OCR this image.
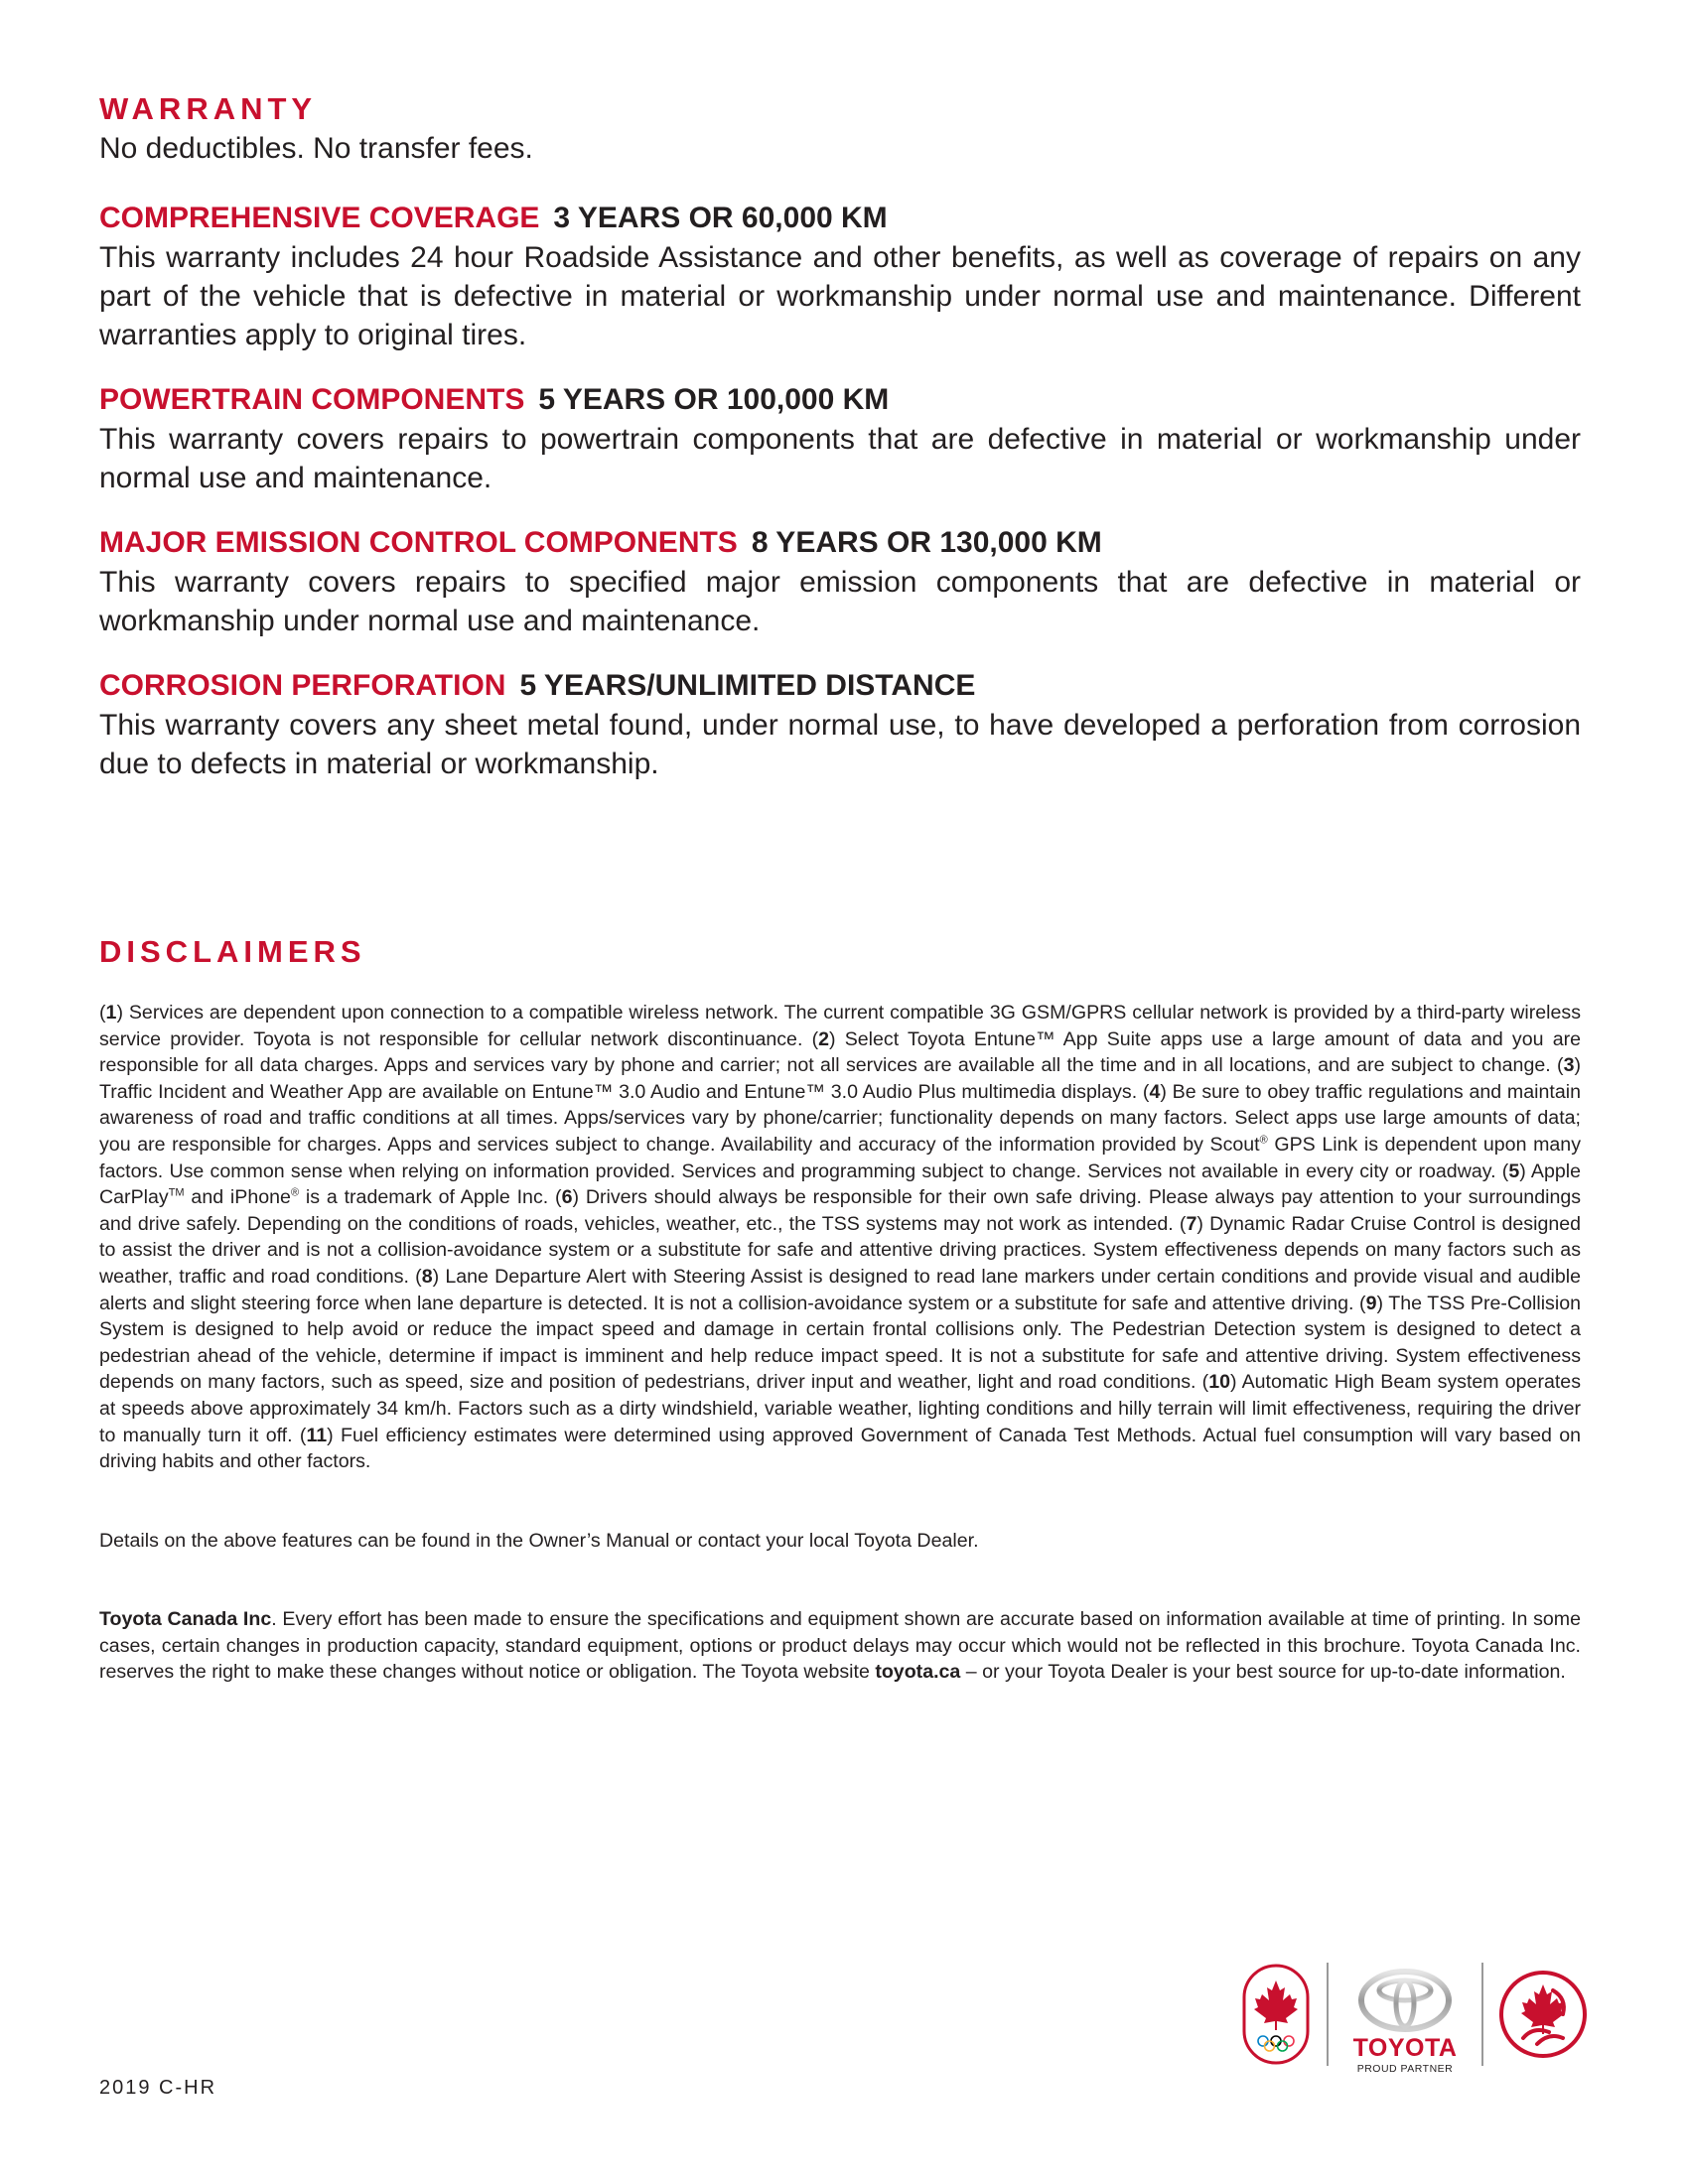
WARRANTY

No deductibles. No transfer fees.

COMPREHENSIVE COVERAGE 3 YEARS OR 60,000 KM

This warranty includes 24 hour Roadside Assistance and other benefits, as well as coverage of repairs on any part of the vehicle that is defective in material or workmanship under normal use and maintenance. Different warranties apply to original tires.

POWERTRAIN COMPONENTS 5 YEARS OR 100,000 KM

This warranty covers repairs to powertrain components that are defective in material or workmanship under normal use and maintenance.

MAJOR EMISSION CONTROL COMPONENTS 8 YEARS OR 130,000 KM

This warranty covers repairs to specified major emission components that are defective in material or workmanship under normal use and maintenance.

CORROSION PERFORATION 5 YEARS/UNLIMITED DISTANCE

This warranty covers any sheet metal found, under normal use, to have developed a perforation from corrosion due to defects in material or workmanship.

DISCLAIMERS

(1) Services are dependent upon connection to a compatible wireless network. The current compatible 3G GSM/GPRS cellular network is provided by a third-party wireless service provider. Toyota is not responsible for cellular network discontinuance. (2) Select Toyota Entune™ App Suite apps use a large amount of data and you are responsible for all data charges. Apps and services vary by phone and carrier; not all services are available all the time and in all locations, and are subject to change. (3) Traffic Incident and Weather App are available on Entune™ 3.0 Audio and Entune™ 3.0 Audio Plus multimedia displays. (4) Be sure to obey traffic regulations and maintain awareness of road and traffic conditions at all times. Apps/services vary by phone/carrier; functionality depends on many factors. Select apps use large amounts of data; you are responsible for charges. Apps and services subject to change. Availability and accuracy of the information provided by Scout® GPS Link is dependent upon many factors. Use common sense when relying on information provided. Services and programming subject to change. Services not available in every city or roadway. (5) Apple CarPlay™ and iPhone® is a trademark of Apple Inc. (6) Drivers should always be responsible for their own safe driving. Please always pay attention to your surroundings and drive safely. Depending on the conditions of roads, vehicles, weather, etc., the TSS systems may not work as intended. (7) Dynamic Radar Cruise Control is designed to assist the driver and is not a collision-avoidance system or a substitute for safe and attentive driving practices. System effectiveness depends on many factors such as weather, traffic and road conditions. (8) Lane Departure Alert with Steering Assist is designed to read lane markers under certain conditions and provide visual and audible alerts and slight steering force when lane departure is detected. It is not a collision-avoidance system or a substitute for safe and attentive driving. (9) The TSS Pre-Collision System is designed to help avoid or reduce the impact speed and damage in certain frontal collisions only. The Pedestrian Detection system is designed to detect a pedestrian ahead of the vehicle, determine if impact is imminent and help reduce impact speed. It is not a substitute for safe and attentive driving. System effectiveness depends on many factors, such as speed, size and position of pedestrians, driver input and weather, light and road conditions. (10) Automatic High Beam system operates at speeds above approximately 34 km/h. Factors such as a dirty windshield, variable weather, lighting conditions and hilly terrain will limit effectiveness, requiring the driver to manually turn it off. (11) Fuel efficiency estimates were determined using approved Government of Canada Test Methods. Actual fuel consumption will vary based on driving habits and other factors.

Details on the above features can be found in the Owner’s Manual or contact your local Toyota Dealer.

Toyota Canada Inc. Every effort has been made to ensure the specifications and equipment shown are accurate based on information available at time of printing. In some cases, certain changes in production capacity, standard equipment, options or product delays may occur which would not be reflected in this brochure. Toyota Canada Inc. reserves the right to make these changes without notice or obligation. The Toyota website toyota.ca – or your Toyota Dealer is your best source for up-to-date information.

2019 C-HR
TOYOTA
PROUD PARTNER
